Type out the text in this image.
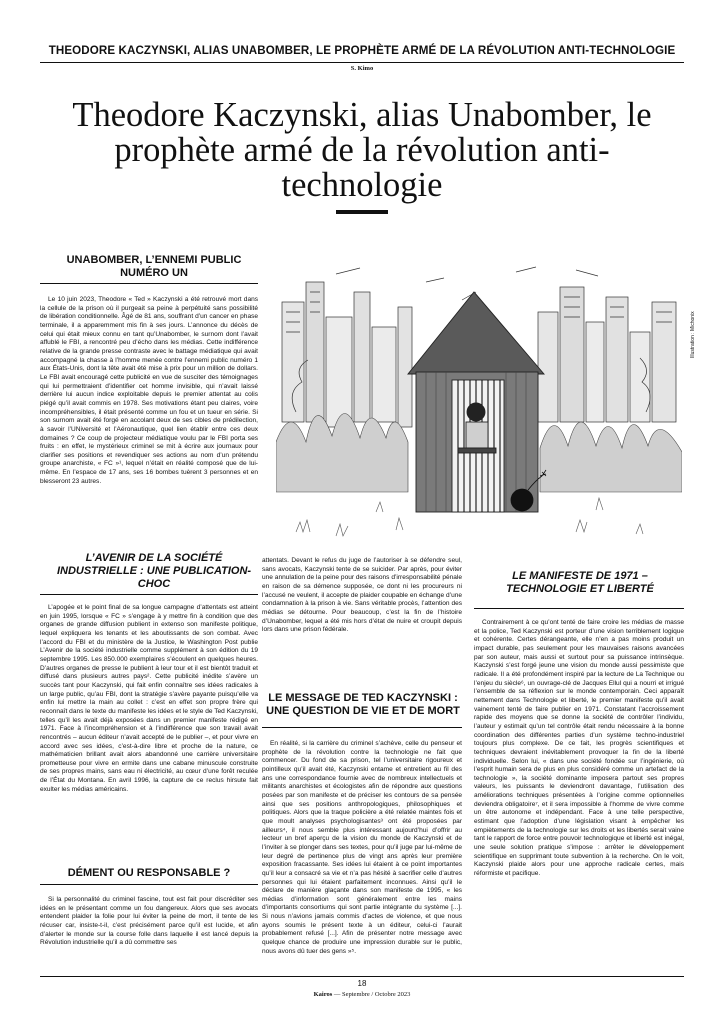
THEODORE KACZYNSKI, ALIAS UNABOMBER, LE PROPHÈTE ARMÉ DE LA RÉVOLUTION ANTI-TECHNOLOGIE
S. Kimo
Theodore Kaczynski, alias Unabomber, le prophète armé de la révolution anti-technologie
Illustration : Michonix
UNABOMBER, L’ENNEMI PUBLIC NUMÉRO UN

Le 10 juin 2023, Theodore « Ted » Kaczynski a été retrouvé mort dans la cellule de la prison où il purgeait sa peine à perpétuité sans possibilité de libération conditionnelle. Âgé de 81 ans, souffrant d’un cancer en phase terminale, il a apparemment mis fin à ses jours. L’annonce du décès de celui qui était mieux connu en tant qu’Unabomber, le surnom dont l’avait affublé le FBI, a rencontré peu d’écho dans les médias. Cette indifférence relative de la grande presse contraste avec le battage médiatique qui avait accompagné la chasse à l’homme menée contre l’ennemi public numéro 1 aux États-Unis, dont la tête avait été mise à prix pour un million de dollars. Le FBI avait encouragé cette publicité en vue de susciter des témoignages qui lui permettraient d’identifier cet homme invisible, qui n’avait laissé derrière lui aucun indice exploitable depuis le premier attentat au colis piégé qu’il avait commis en 1978. Ses motivations étant peu claires, voire incompréhensibles, il était présenté comme un fou et un tueur en série. Si son surnom avait été forgé en accolant deux de ses cibles de prédilection, à savoir l’UNiversité et l’Aéronautique, quel lien établir entre ces deux domaines ? Ce coup de projecteur médiatique voulu par le FBI porta ses fruits : en effet, le mystérieux criminel se mit à écrire aux journaux pour clarifier ses positions et revendiquer ses actions au nom d’un prétendu groupe anarchiste, « FC »¹, lequel n’était en réalité composé que de lui-même. En l’espace de 17 ans, ses 16 bombes tuèrent 3 personnes et en blesseront 23 autres.

L’AVENIR DE LA SOCIÉTÉ INDUSTRIELLE : UNE PUBLICATION-CHOC

L’apogée et le point final de sa longue campagne d’attentats est atteint en juin 1995, lorsque « FC » s’engage à y mettre fin à condition que des organes de grande diffusion publient in extenso son manifeste politique, lequel expliquera les tenants et les aboutissants de son combat. Avec l’accord du FBI et du ministère de la Justice, le Washington Post publie L’Avenir de la société industrielle comme supplément à son édition du 19 septembre 1995. Les 850.000 exemplaires s’écoulent en quelques heures. D’autres organes de presse le publient à leur tour et il est bientôt traduit et diffusé dans plusieurs autres pays². Cette publicité inédite s’avère un succès tant pour Kaczynski, qui fait enfin connaître ses idées radicales à un large public, qu’au FBI, dont la stratégie s’avère payante puisqu’elle va enfin lui mettre la main au collet : c’est en effet son propre frère qui reconnaît dans le texte du manifeste les idées et le style de Ted Kaczynski, telles qu’il les avait déjà exposées dans un premier manifeste rédigé en 1971. Face à l’incompréhension et à l’indifférence que son travail avait rencontrés – aucun éditeur n’avait accepté de le publier –, et pour vivre en accord avec ses idées, c’est-à-dire libre et proche de la nature, ce mathématicien brillant avait alors abandonné une carrière universitaire prometteuse pour vivre en ermite dans une cabane minuscule construite de ses propres mains, sans eau ni électricité, au cœur d’une forêt reculée de l’État du Montana. En avril 1996, la capture de ce reclus hirsute fait exulter les médias américains.

DÉMENT OU RESPONSABLE ?

Si la personnalité du criminel fascine, tout est fait pour discréditer ses idées en le présentant comme un fou dangereux. Alors que ses avocats entendent plaider la folie pour lui éviter la peine de mort, il tente de les récuser car, insiste-t-il, c’est précisément parce qu’il est lucide, et afin d’alerter le monde sur la course folle dans laquelle il est lancé depuis la Révolution industrielle qu’il a dû commettre ses

attentats. Devant le refus du juge de l’autoriser à se défendre seul, sans avocats, Kaczynski tente de se suicider. Par après, pour éviter une annulation de la peine pour des raisons d’irresponsabilité pénale en raison de sa démence supposée, ce dont ni les procureurs ni l’accusé ne veulent, il accepte de plaider coupable en échange d’une condamnation à la prison à vie. Sans véritable procès, l’attention des médias se détourne. Pour beaucoup, c’est la fin de l’histoire d’Unabomber, lequel a été mis hors d’état de nuire et croupit depuis lors dans une prison fédérale.

LE MESSAGE DE TED KACZYNSKI : UNE QUESTION DE VIE ET DE MORT

En réalité, si la carrière du criminel s’achève, celle du penseur et prophète de la révolution contre la technologie ne fait que commencer. Du fond de sa prison, tel l’universitaire rigoureux et pointilleux qu’il avait été, Kaczynski entame et entretient au fil des ans une correspondance fournie avec de nombreux intellectuels et militants anarchistes et écologistes afin de répondre aux questions posées par son manifeste et de préciser les contours de sa pensée ainsi que ses positions anthropologiques, philosophiques et politiques. Alors que la traque policière a été relatée maintes fois et que moult analyses psychologisantes³ ont été proposées par ailleurs⁴, il nous semble plus intéressant aujourd’hui d’offrir au lecteur un bref aperçu de la vision du monde de Kaczynski et de l’inviter à se plonger dans ses textes, pour qu’il juge par lui-même de leur degré de pertinence plus de vingt ans après leur première exposition fracassante. Ses idées lui étaient à ce point importantes qu’il leur a consacré sa vie et n’a pas hésité à sacrifier celle d’autres personnes qui lui étaient parfaitement inconnues. Ainsi qu’il le déclare de manière glaçante dans son manifeste de 1995, « les médias d’information sont généralement entre les mains d’importants consortiums qui sont partie intégrante du système [...]. Si nous n’avions jamais commis d’actes de violence, et que nous ayons soumis le présent texte à un éditeur, celui-ci l’aurait probablement refusé [...]. Afin de présenter notre message avec quelque chance de produire une impression durable sur le public, nous avons dû tuer des gens »⁵.

LE MANIFESTE DE 1971 – TECHNOLOGIE ET LIBERTÉ

Contrairement à ce qu’ont tenté de faire croire les médias de masse et la police, Ted Kaczynski est porteur d’une vision terriblement logique et cohérente. Certes dérangeante, elle n’en a pas moins produit un impact durable, pas seulement pour les mauvaises raisons avancées par son auteur, mais aussi et surtout pour sa puissance intrinsèque. Kaczynski s’est forgé jeune une vision du monde aussi pessimiste que radicale. Il a été profondément inspiré par la lecture de La Technique ou l’enjeu du siècle⁶, un ouvrage-clé de Jacques Ellul qui a nourri et irrigué l’ensemble de sa réflexion sur le monde contemporain. Ceci apparaît nettement dans Technologie et liberté, le premier manifeste qu’il avait vainement tenté de faire publier en 1971. Constatant l’accroissement rapide des moyens que se donne la société de contrôler l’individu, l’auteur y estimait qu’un tel contrôle était rendu nécessaire à la bonne coordination des différentes parties d’un système techno-industriel toujours plus complexe. De ce fait, les progrès scientifiques et techniques devraient inévitablement provoquer la fin de la liberté individuelle. Selon lui, « dans une société fondée sur l’ingénierie, où l’esprit humain sera de plus en plus considéré comme un artefact de la technologie », la société dominante imposera partout ses propres valeurs, les puissants le deviendront davantage, l’utilisation des améliorations techniques présentées à l’origine comme optionnelles deviendra obligatoire⁷, et il sera impossible à l’homme de vivre comme un être autonome et indépendant. Face à une telle perspective, estimant que l’adoption d’une législation visant à empêcher les empiètements de la technologie sur les droits et les libertés serait vaine tant le rapport de force entre pouvoir technologique et liberté est inégal, une seule solution pratique s’impose : arrêter le développement scientifique en supprimant toute subvention à la recherche. On le voit, Kaczynski plaide alors pour une approche radicale certes, mais réformiste et pacifique.

18
Kairos — Septembre / Octobre 2023
